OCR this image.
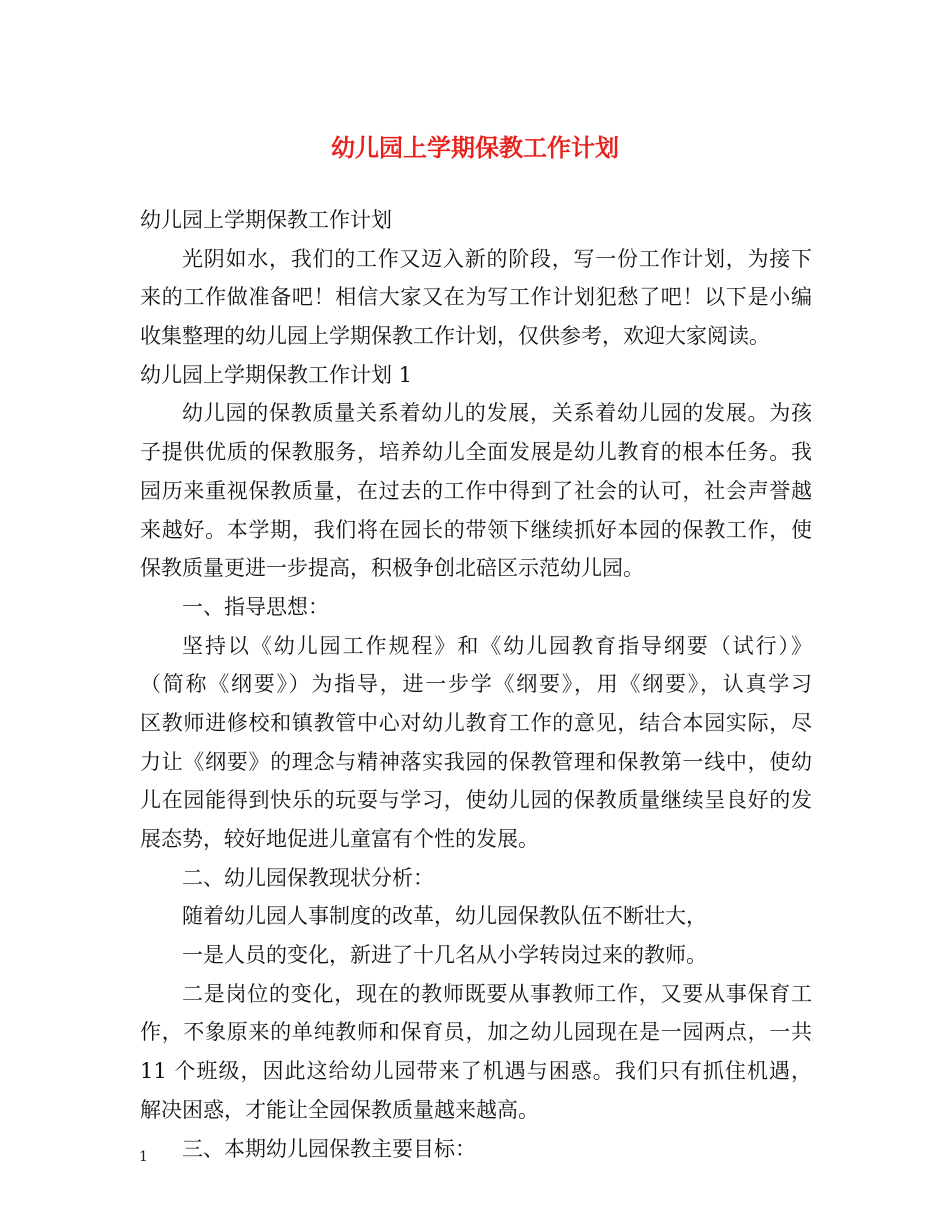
幼儿园上学期保教工作计划
幼儿园上学期保教工作计划
光阴如水，我们的工作又迈入新的阶段，写一份工作计划，为接下
来的工作做准备吧！相信大家又在为写工作计划犯愁了吧！以下是小编
收集整理的幼儿园上学期保教工作计划，仅供参考，欢迎大家阅读。
幼儿园上学期保教工作计划 1
幼儿园的保教质量关系着幼儿的发展，关系着幼儿园的发展。为孩
子提供优质的保教服务，培养幼儿全面发展是幼儿教育的根本任务。我
园历来重视保教质量，在过去的工作中得到了社会的认可，社会声誉越
来越好。本学期，我们将在园长的带领下继续抓好本园的保教工作，使
保教质量更进一步提高，积极争创北碚区示范幼儿园。
一、指导思想：
坚持以《幼儿园工作规程》和《幼儿园教育指导纲要（试行）》
（简称《纲要》）为指导，进一步学《纲要》，用《纲要》，认真学习
区教师进修校和镇教管中心对幼儿教育工作的意见，结合本园实际，尽
力让《纲要》的理念与精神落实我园的保教管理和保教第一线中，使幼
儿在园能得到快乐的玩耍与学习，使幼儿园的保教质量继续呈良好的发
展态势，较好地促进儿童富有个性的发展。
二、幼儿园保教现状分析：
随着幼儿园人事制度的改革，幼儿园保教队伍不断壮大，
一是人员的变化，新进了十几名从小学转岗过来的教师。
二是岗位的变化，现在的教师既要从事教师工作，又要从事保育工
作，不象原来的单纯教师和保育员，加之幼儿园现在是一园两点，一共
11 个班级，因此这给幼儿园带来了机遇与困惑。我们只有抓住机遇，
解决困惑，才能让全园保教质量越来越高。
三、本期幼儿园保教主要目标：
1
